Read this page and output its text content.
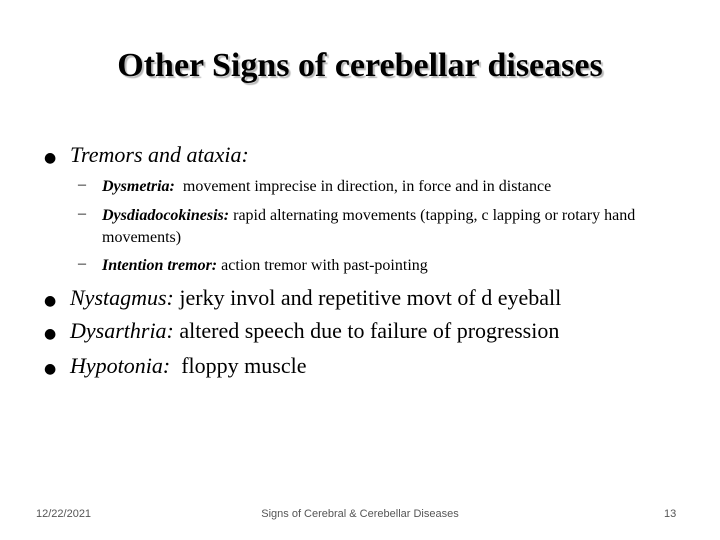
Other Signs of cerebellar diseases
● Tremors and ataxia:
– Dysmetria: movement imprecise in direction, in force and in distance
– Dysdiadocokinesis: rapid alternating movements (tapping, c lapping or rotary hand movements)
– Intention tremor: action tremor with past-pointing
● Nystagmus: jerky invol and repetitive movt of d eyeball
● Dysarthria: altered speech due to failure of progression
● Hypotonia: floppy muscle
12/22/2021	Signs of Cerebral & Cerebellar Diseases	13
